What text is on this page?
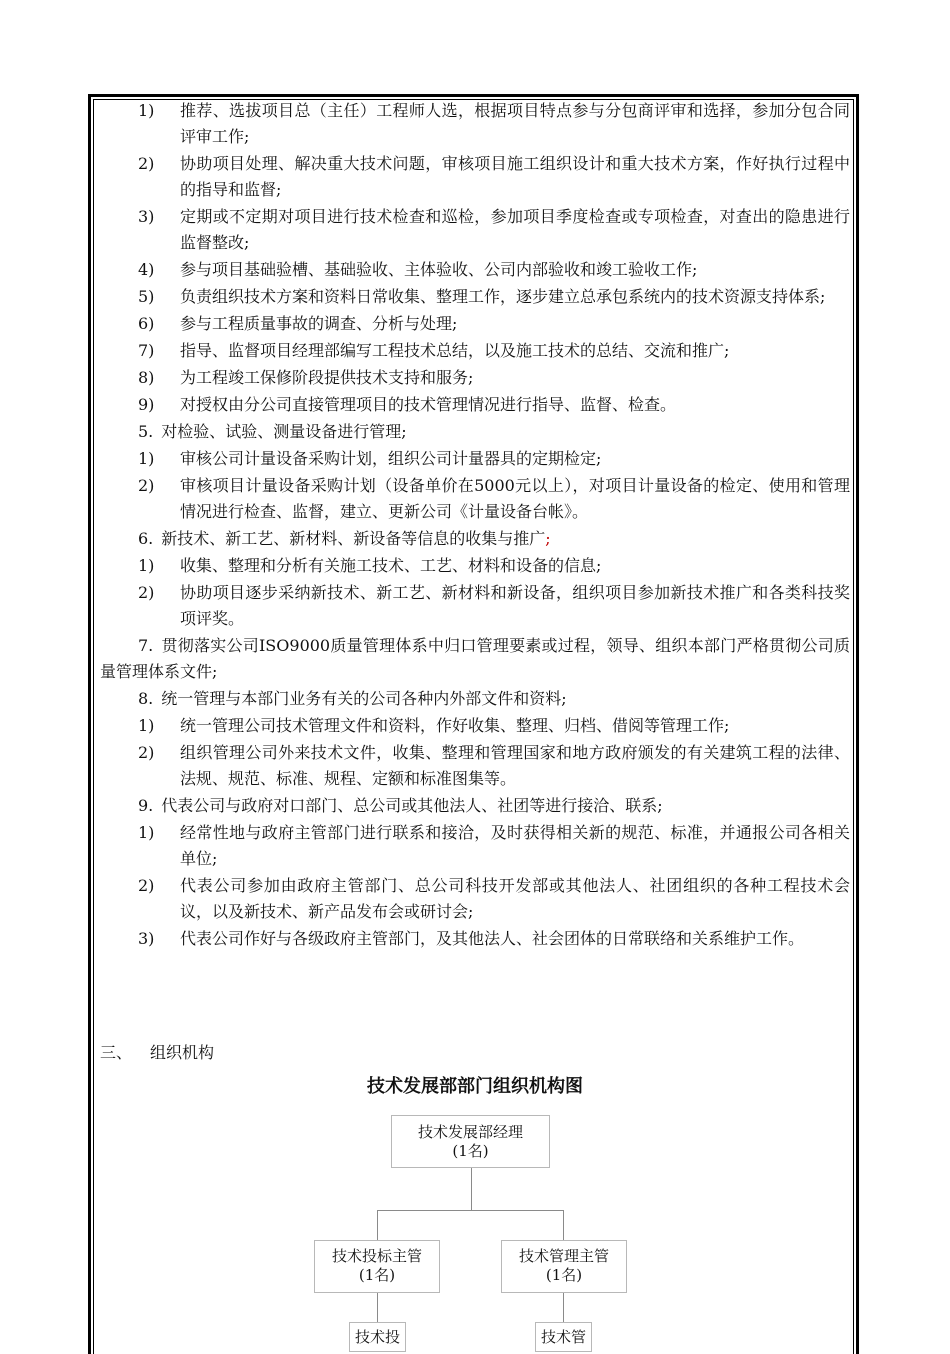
1) 推荐、选拔项目总（主任）工程师人选，根据项目特点参与分包商评审和选择，参加分包合同评审工作;
2) 协助项目处理、解决重大技术问题，审核项目施工组织设计和重大技术方案，作好执行过程中的指导和监督;
3) 定期或不定期对项目进行技术检查和巡检，参加项目季度检查或专项检查，对查出的隐患进行监督整改;
4) 参与项目基础验槽、基础验收、主体验收、公司内部验收和竣工验收工作;
5) 负责组织技术方案和资料日常收集、整理工作，逐步建立总承包系统内的技术资源支持体系;
6) 参与工程质量事故的调查、分析与处理;
7) 指导、监督项目经理部编写工程技术总结，以及施工技术的总结、交流和推广;
8) 为工程竣工保修阶段提供技术支持和服务;
9) 对授权由分公司直接管理项目的技术管理情况进行指导、监督、检查。
5. 对检验、试验、测量设备进行管理;
1) 审核公司计量设备采购计划，组织公司计量器具的定期检定;
2) 审核项目计量设备采购计划（设备单价在5000元以上），对项目计量设备的检定、使用和管理情况进行检查、监督，建立、更新公司《计量设备台帐》。
6. 新技术、新工艺、新材料、新设备等信息的收集与推广;
1) 收集、整理和分析有关施工技术、工艺、材料和设备的信息;
2) 协助项目逐步采纳新技术、新工艺、新材料和新设备，组织项目参加新技术推广和各类科技奖项评奖。
7. 贯彻落实公司ISO9000质量管理体系中归口管理要素或过程，领导、组织本部门严格贯彻公司质量管理体系文件;
8. 统一管理与本部门业务有关的公司各种内外部文件和资料;
1) 统一管理公司技术管理文件和资料，作好收集、整理、归档、借阅等管理工作;
2) 组织管理公司外来技术文件，收集、整理和管理国家和地方政府颁发的有关建筑工程的法律、法规、规范、标准、规程、定额和标准图集等。
9. 代表公司与政府对口部门、总公司或其他法人、社团等进行接洽、联系;
1) 经常性地与政府主管部门进行联系和接洽，及时获得相关新的规范、标准，并通报公司各相关单位;
2) 代表公司参加由政府主管部门、总公司科技开发部或其他法人、社团组织的各种工程技术会议，以及新技术、新产品发布会或研讨会;
3) 代表公司作好与各级政府主管部门，及其他法人、社会团体的日常联络和关系维护工作。
三、 组织机构
技术发展部部门组织机构图
技术发展部经理
(1名)
技术投标主管
(1名)
技术管理主管
(1名)
技术投	技术管
